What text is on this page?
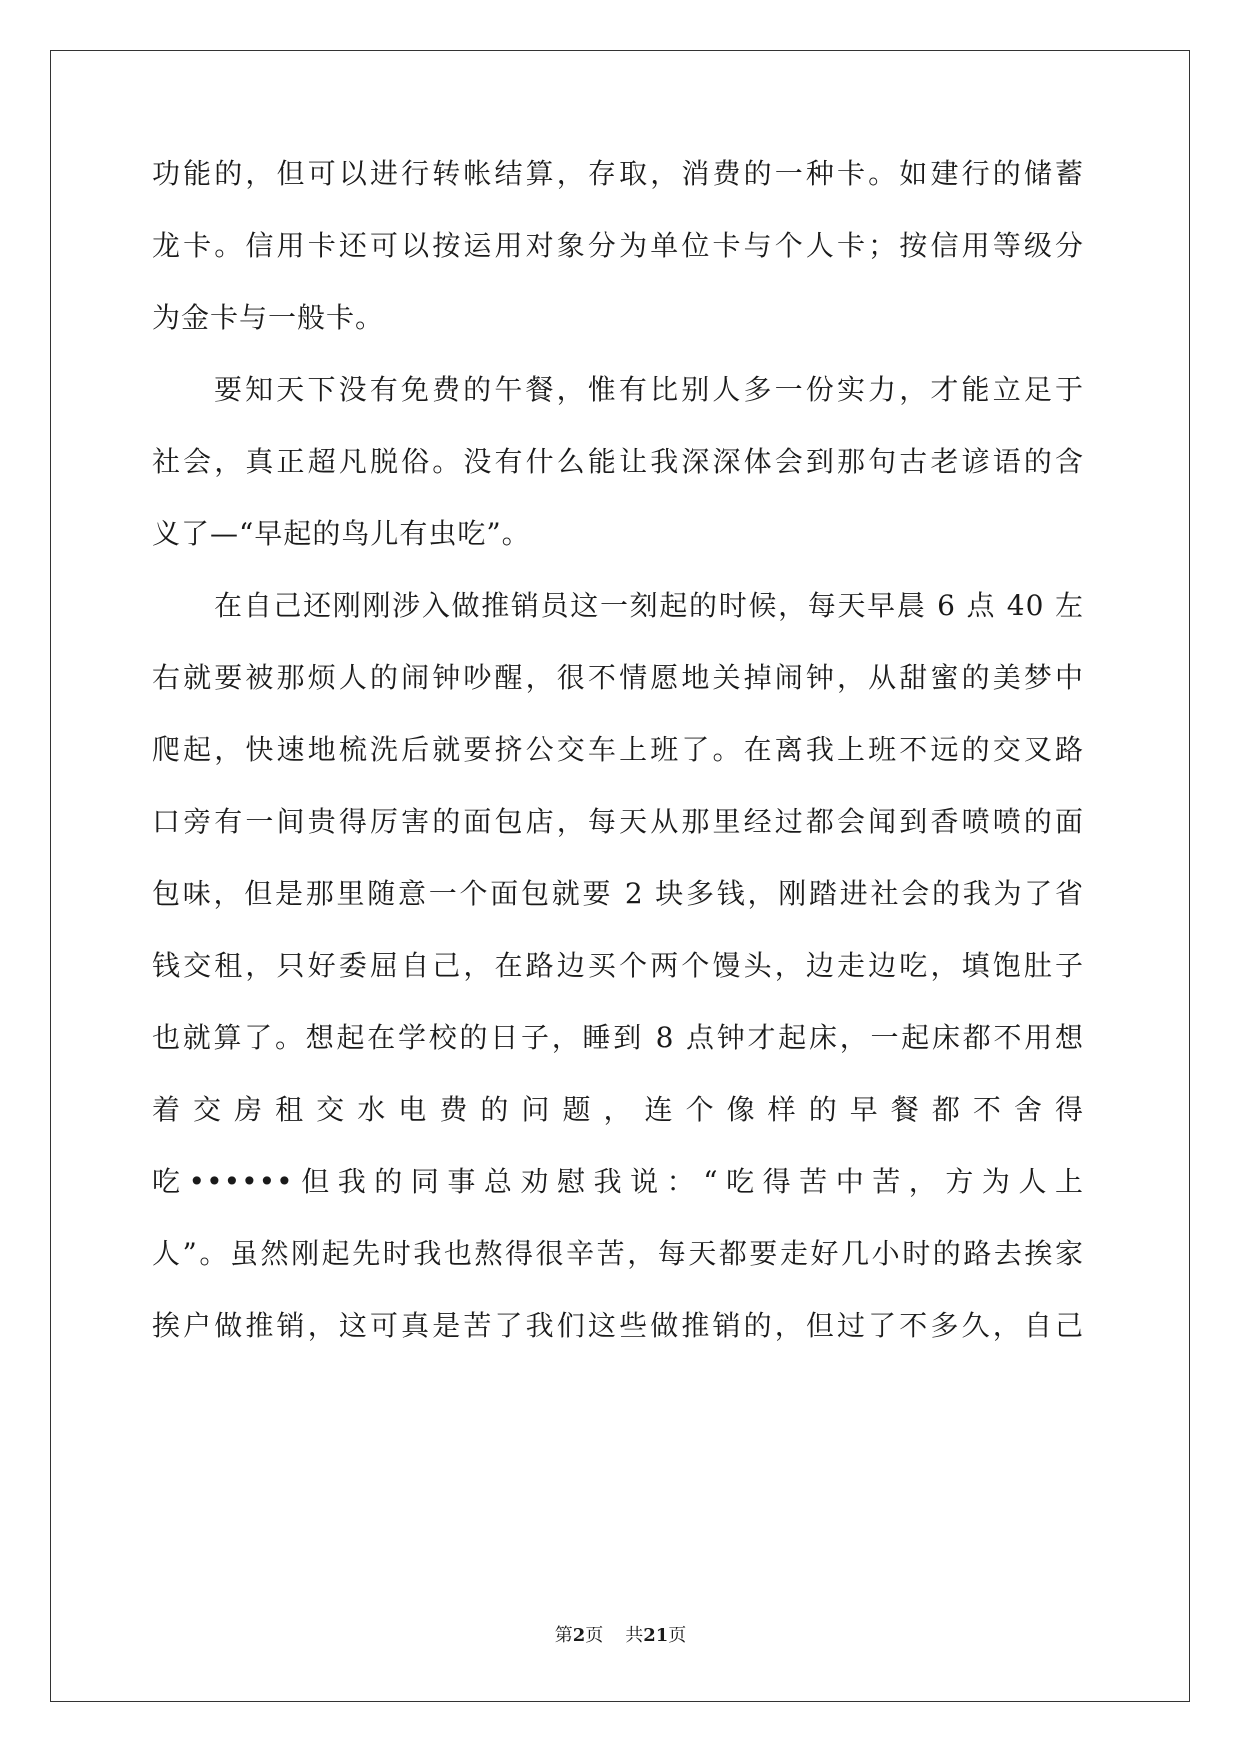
功能的，但可以进行转帐结算，存取，消费的一种卡。如建行的储蓄
龙卡。信用卡还可以按运用对象分为单位卡与个人卡；按信用等级分
为金卡与一般卡。
要知天下没有免费的午餐，惟有比别人多一份实力，才能立足于
社会，真正超凡脱俗。没有什么能让我深深体会到那句古老谚语的含
义了—“早起的鸟儿有虫吃”。
在自己还刚刚涉入做推销员这一刻起的时候，每天早晨 6 点 40 左
右就要被那烦人的闹钟吵醒，很不情愿地关掉闹钟，从甜蜜的美梦中
爬起，快速地梳洗后就要挤公交车上班了。在离我上班不远的交叉路
口旁有一间贵得厉害的面包店，每天从那里经过都会闻到香喷喷的面
包味，但是那里随意一个面包就要 2 块多钱，刚踏进社会的我为了省
钱交租，只好委屈自己，在路边买个两个馒头，边走边吃，填饱肚子
也就算了。想起在学校的日子，睡到 8 点钟才起床，一起床都不用想
着交房租交水电费的问题，连个像样的早餐都不舍得
吃••••••但我的同事总劝慰我说：“吃得苦中苦，方为人上
人”。虽然刚起先时我也熬得很辛苦，每天都要走好几小时的路去挨家
挨户做推销，这可真是苦了我们这些做推销的，但过了不多久，自己
第2页 共21页
